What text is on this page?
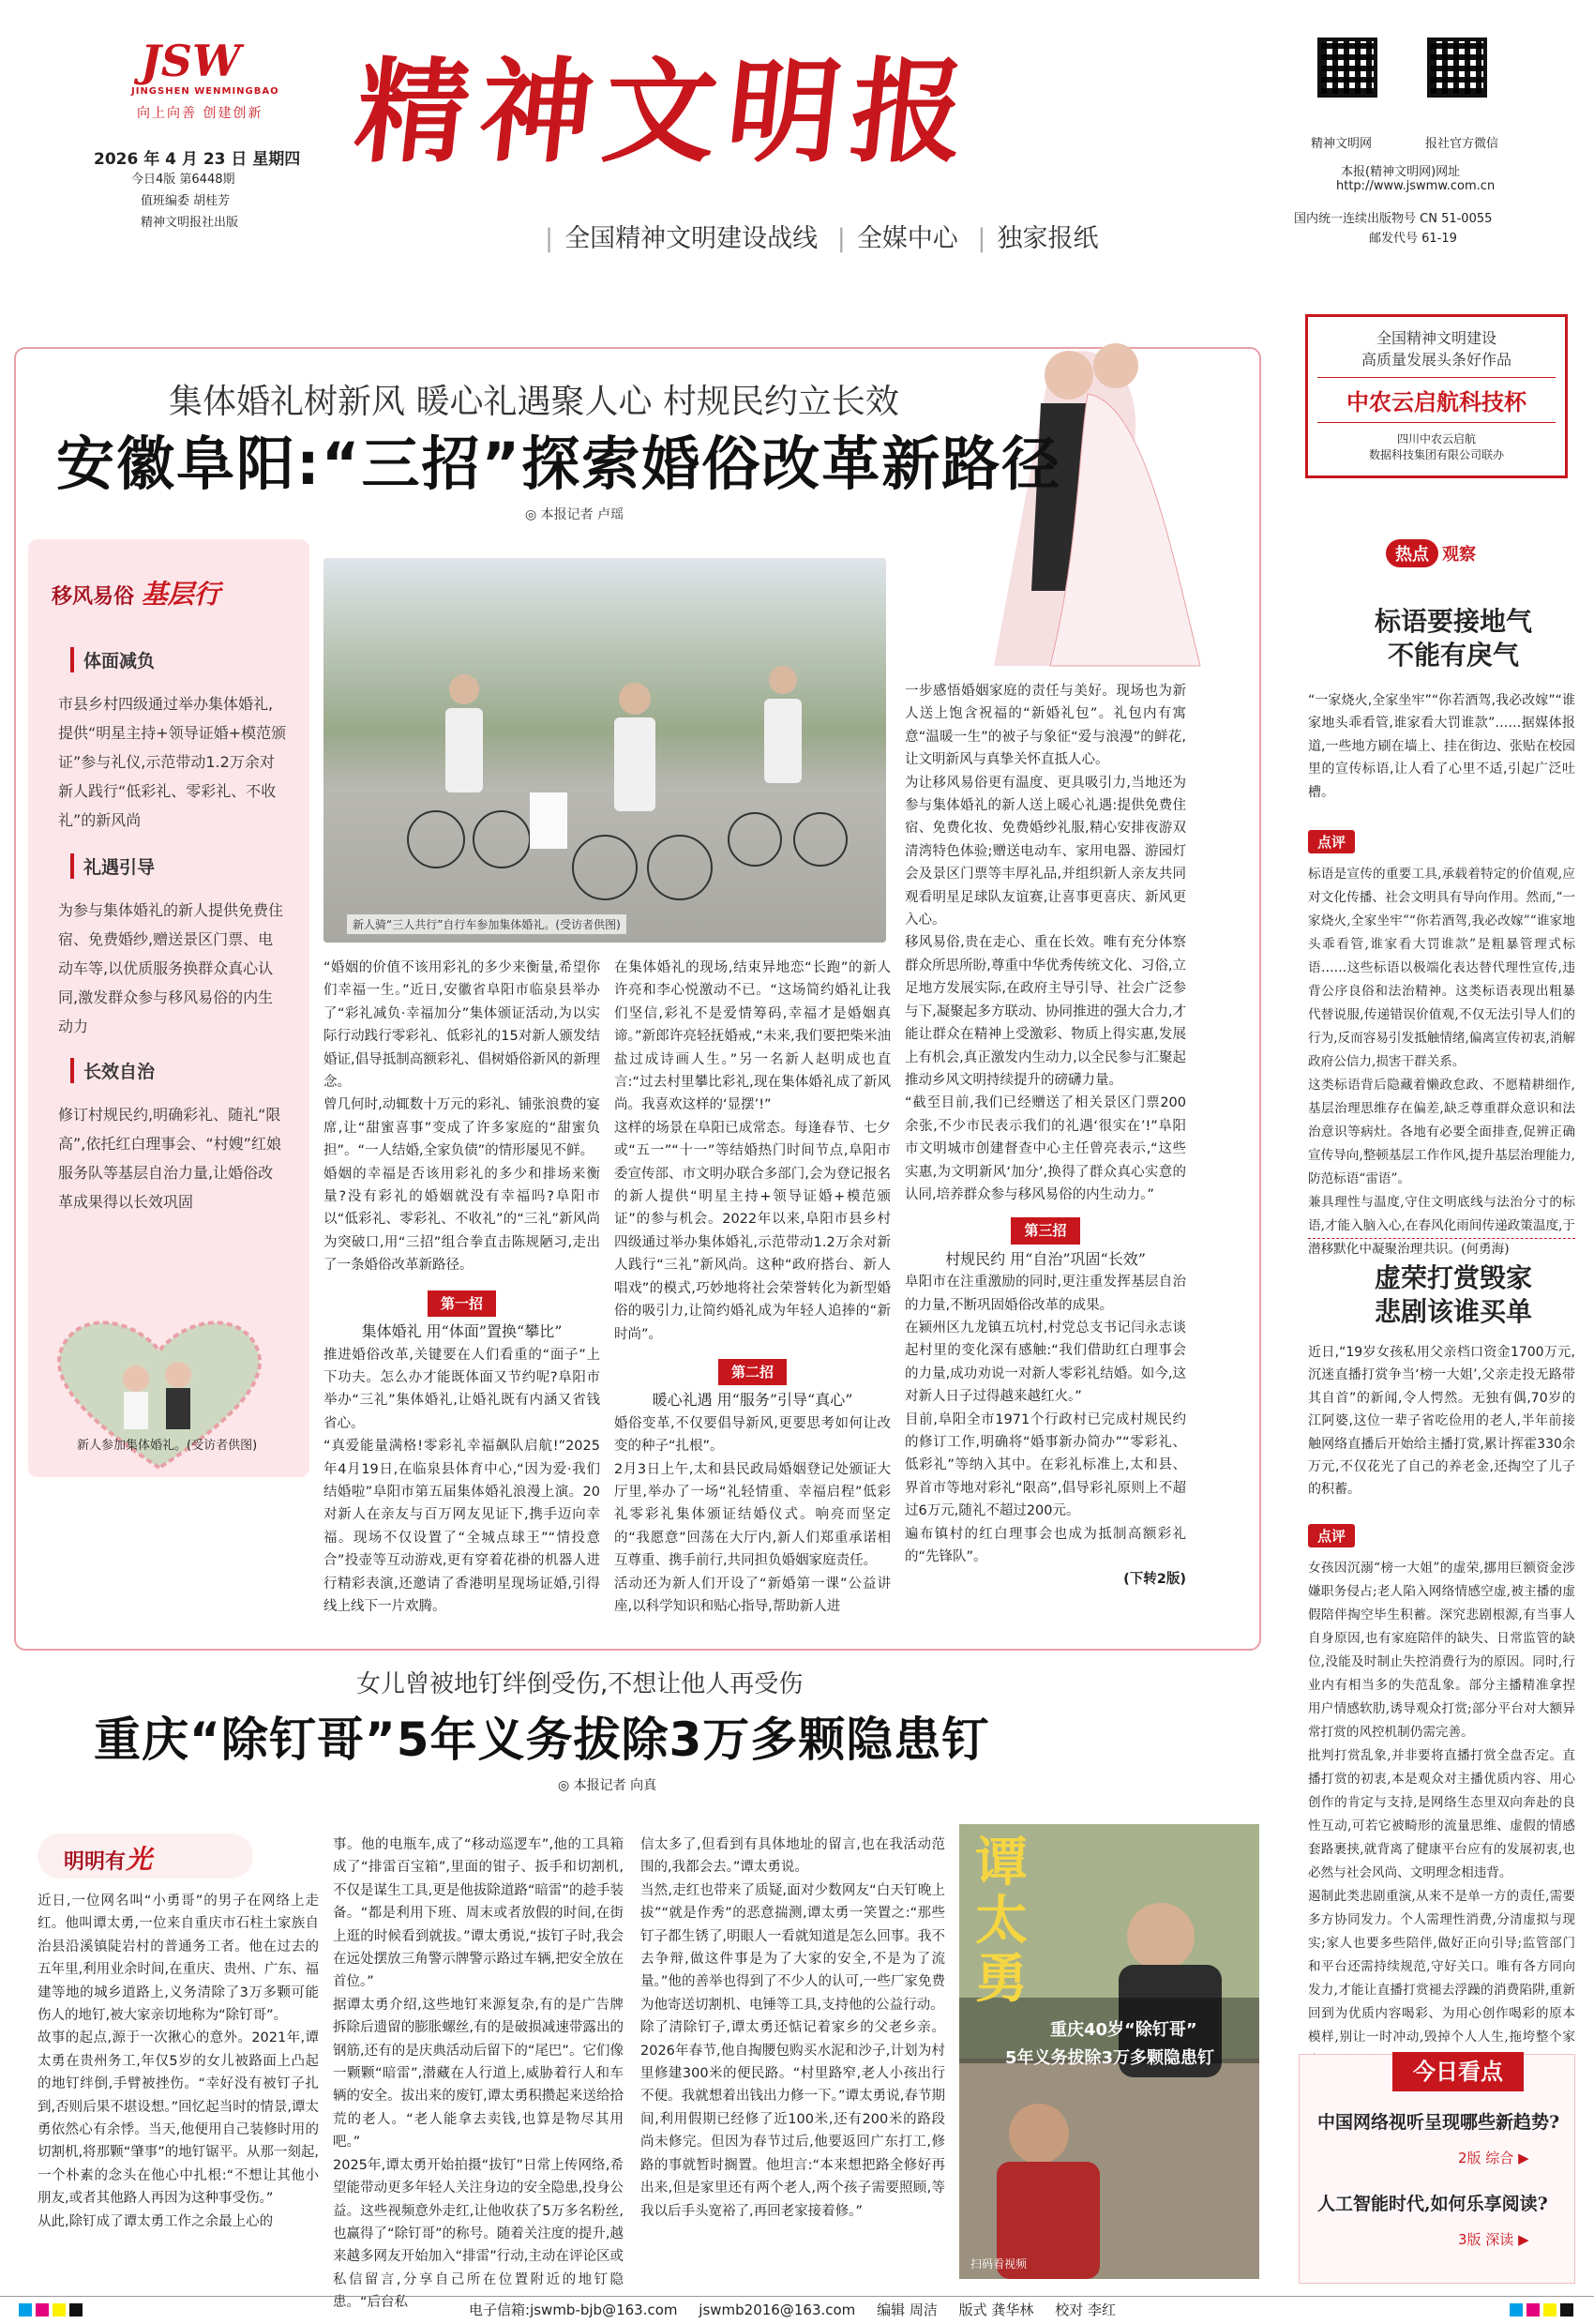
JSW
JINGSHEN WENMINGBAO
向上向善 创建创新
2026 年 4 月 23 日 星期四
今日4版 第6448期
值班编委 胡桂芳
精神文明报社出版
精神文明报
| 全国精神文明建设战线 | 全媒中心 | 独家报纸
精神文明网	报社官方微信
本报(精神文明网)网址
http://www.jswmw.com.cn
国内统一连续出版物号 CN 51-0055
邮发代号 61-19
全国精神文明建设
高质量发展头条好作品
中农云启航科技杯
四川中农云启航
数据科技集团有限公司联办
集体婚礼树新风 暖心礼遇聚人心 村规民约立长效
安徽阜阳:“三招”探索婚俗改革新路径
◎ 本报记者 卢瑶
移风易俗 基层行
体面减负
市县乡村四级通过举办集体婚礼,提供“明星主持+领导证婚+模范颁证”参与礼仪,示范带动1.2万余对新人践行“低彩礼、零彩礼、不收礼”的新风尚
礼遇引导
为参与集体婚礼的新人提供免费住宿、免费婚纱,赠送景区门票、电动车等,以优质服务换群众真心认同,激发群众参与移风易俗的内生动力
长效自治
修订村规民约,明确彩礼、随礼“限高”,依托红白理事会、“村嫂”红娘服务队等基层自治力量,让婚俗改革成果得以长效巩固
新人参加集体婚礼。(受访者供图)
新人骑“三人共行”自行车参加集体婚礼。(受访者供图)

“婚姻的价值不该用彩礼的多少来衡量,希望你们幸福一生。”近日,安徽省阜阳市临泉县举办了“彩礼减负·幸福加分”集体颁证活动,为以实际行动践行零彩礼、低彩礼的15对新人颁发结婚证,倡导抵制高额彩礼、倡树婚俗新风的新理念。

曾几何时,动辄数十万元的彩礼、铺张浪费的宴席,让“甜蜜喜事”变成了许多家庭的“甜蜜负担”。“一人结婚,全家负债”的情形屡见不鲜。

婚姻的幸福是否该用彩礼的多少和排场来衡量?没有彩礼的婚姻就没有幸福吗?阜阳市以“低彩礼、零彩礼、不收礼”的“三礼”新风尚为突破口,用“三招”组合拳直击陈规陋习,走出了一条婚俗改革新路径。

第一招
集体婚礼 用“体面”置换“攀比”

推进婚俗改革,关键要在人们看重的“面子”上下功夫。怎么办才能既体面又节约呢?阜阳市举办“三礼”集体婚礼,让婚礼既有内涵又省钱省心。

“真爱能量满格!零彩礼幸福飙队启航!”2025年4月19日,在临泉县体育中心,“因为爱·我们结婚啦”阜阳市第五届集体婚礼浪漫上演。20对新人在亲友与百万网友见证下,携手迈向幸福。现场不仅设置了“全城点球王”“情投意合”投壶等互动游戏,更有穿着花褂的机器人进行精彩表演,还邀请了香港明星现场证婚,引得线上线下一片欢腾。

在集体婚礼的现场,结束异地恋“长跑”的新人许亮和李心悦激动不已。“这场简约婚礼让我们坚信,彩礼不是爱情筹码,幸福才是婚姻真谛。”新郎许亮轻抚婚戒,“未来,我们要把柴米油盐过成诗画人生。”另一名新人赵明成也直言:“过去村里攀比彩礼,现在集体婚礼成了新风尚。我喜欢这样的‘显摆’!”

这样的场景在阜阳已成常态。每逢春节、七夕或“五一”“十一”等结婚热门时间节点,阜阳市委宣传部、市文明办联合多部门,会为登记报名的新人提供“明星主持+领导证婚+模范颁证”的参与机会。2022年以来,阜阳市县乡村四级通过举办集体婚礼,示范带动1.2万余对新人践行“三礼”新风尚。这种“政府搭台、新人唱戏”的模式,巧妙地将社会荣誉转化为新型婚俗的吸引力,让简约婚礼成为年轻人追捧的“新时尚”。

第二招
暖心礼遇 用“服务”引导“真心”

婚俗变革,不仅要倡导新风,更要思考如何让改变的种子“扎根”。

2月3日上午,太和县民政局婚姻登记处颁证大厅里,举办了一场“礼轻情重、幸福启程”低彩礼零彩礼集体颁证结婚仪式。响亮而坚定的“我愿意”回荡在大厅内,新人们郑重承诺相互尊重、携手前行,共同担负婚姻家庭责任。

活动还为新人们开设了“新婚第一课”公益讲座,以科学知识和贴心指导,帮助新人进

一步感悟婚姻家庭的责任与美好。现场也为新人送上饱含祝福的“新婚礼包”。礼包内有寓意“温暖一生”的被子与象征“爱与浪漫”的鲜花,让文明新风与真挚关怀直抵人心。

为让移风易俗更有温度、更具吸引力,当地还为参与集体婚礼的新人送上暖心礼遇:提供免费住宿、免费化妆、免费婚纱礼服,精心安排夜游双清湾特色体验;赠送电动车、家用电器、游园灯会及景区门票等丰厚礼品,并组织新人亲友共同观看明星足球队友谊赛,让喜事更喜庆、新风更入心。

移风易俗,贵在走心、重在长效。唯有充分体察群众所思所盼,尊重中华优秀传统文化、习俗,立足地方发展实际,在政府主导引导、社会广泛参与下,凝聚起多方联动、协同推进的强大合力,才能让群众在精神上受激彩、物质上得实惠,发展上有机会,真正激发内生动力,以全民参与汇聚起推动乡风文明持续提升的磅礴力量。

“截至目前,我们已经赠送了相关景区门票200余张,不少市民表示我们的礼遇‘很实在’!”阜阳市文明城市创建督查中心主任曾亮表示,“这些实惠,为文明新风‘加分’,换得了群众真心实意的认同,培养群众参与移风易俗的内生动力。”

第三招
村规民约 用“自治”巩固“长效”

阜阳市在注重激励的同时,更注重发挥基层自治的力量,不断巩固婚俗改革的成果。

在颍州区九龙镇五坑村,村党总支书记闫永志谈起村里的变化深有感触:“我们借助红白理事会的力量,成功劝说一对新人零彩礼结婚。如今,这对新人日子过得越来越红火。”

目前,阜阳全市1971个行政村已完成村规民约的修订工作,明确将“婚事新办简办”“零彩礼、低彩礼”等纳入其中。在彩礼标准上,太和县、界首市等地对彩礼“限高”,倡导彩礼原则上不超过6万元,随礼不超过200元。

遍布镇村的红白理事会也成为抵制高额彩礼的“先锋队”。

(下转2版)

女儿曾被地钉绊倒受伤,不想让他人再受伤
重庆“除钉哥”5年义务拔除3万多颗隐患钉
◎ 本报记者 向真
明明有光
近日,一位网名叫“小勇哥”的男子在网络上走红。他叫谭太勇,一位来自重庆市石柱土家族自治县沿溪镇陡岩村的普通务工者。他在过去的五年里,利用业余时间,在重庆、贵州、广东、福建等地的城乡道路上,义务清除了3万多颗可能伤人的地钉,被大家亲切地称为“除钉哥”。
故事的起点,源于一次揪心的意外。2021年,谭太勇在贵州务工,年仅5岁的女儿被路面上凸起的地钉绊倒,手臂被挫伤。“幸好没有被钉子扎到,否则后果不堪设想。”回忆起当时的情景,谭太勇依然心有余悸。当天,他便用自己装修时用的切割机,将那颗“肇事”的地钉锯平。从那一刻起,一个朴素的念头在他心中扎根:“不想让其他小朋友,或者其他路人再因为这种事受伤。”
从此,除钉成了谭太勇工作之余最上心的
事。他的电瓶车,成了“移动巡逻车”,他的工具箱成了“排雷百宝箱”,里面的钳子、扳手和切割机,不仅是谋生工具,更是他拔除道路“暗雷”的趁手装备。“都是利用下班、周末或者放假的时间,在街上逛的时候看到就拔。”谭太勇说,“拔钉子时,我会在远处摆放三角警示牌警示路过车辆,把安全放在首位。”
据谭太勇介绍,这些地钉来源复杂,有的是广告牌拆除后遗留的膨胀螺丝,有的是破损减速带露出的钢筋,还有的是庆典活动后留下的“尾巴”。它们像一颗颗“暗雷”,潜藏在人行道上,威胁着行人和车辆的安全。拔出来的废钉,谭太勇积攒起来送给拾荒的老人。“老人能拿去卖钱,也算是物尽其用吧。”
2025年,谭太勇开始拍摄“拔钉”日常上传网络,希望能带动更多年轻人关注身边的安全隐患,投身公益。这些视频意外走红,让他收获了5万多名粉丝,也赢得了“除钉哥”的称号。随着关注度的提升,越来越多网友开始加入“排雷”行动,主动在评论区或私信留言,分享自己所在位置附近的地钉隐患。“后台私
信太多了,但看到有具体地址的留言,也在我活动范围的,我都会去。”谭太勇说。
当然,走红也带来了质疑,面对少数网友“白天钉晚上拔”“就是作秀”的恶意揣测,谭太勇一笑置之:“那些钉子都生锈了,明眼人一看就知道是怎么回事。我不去争辩,做这件事是为了大家的安全,不是为了流量。”他的善举也得到了不少人的认可,一些厂家免费为他寄送切割机、电锤等工具,支持他的公益行动。
除了清除钉子,谭太勇还惦记着家乡的父老乡亲。2026年春节,他自掏腰包购买水泥和沙子,计划为村里修建300米的便民路。“村里路窄,老人小孩出行不便。我就想着出钱出力修一下。”谭太勇说,春节期间,利用假期已经修了近100米,还有200米的路段尚未修完。但因为春节过后,他要返回广东打工,修路的事就暂时搁置。他坦言:“本来想把路全修好再出来,但是家里还有两个老人,两个孩子需要照顾,等我以后手头宽裕了,再回老家接着修。”
谭太勇
重庆40岁“除钉哥”
5年义务拔除3万多颗隐患钉
扫码看视频
热点 观察
标语要接地气
不能有戾气
“一家烧火,全家坐牢”“你若酒驾,我必改嫁”“谁家地头乖看管,谁家看大罚谁款”……据媒体报道,一些地方刷在墙上、挂在街边、张贴在校园里的宣传标语,让人看了心里不适,引起广泛吐槽。
点评
标语是宣传的重要工具,承载着特定的价值观,应对文化传播、社会文明具有导向作用。然而,“一家烧火,全家坐牢”“你若酒驾,我必改嫁”“谁家地头乖看管,谁家看大罚谁款”是粗暴管理式标语……这些标语以极端化表达替代理性宣传,违背公序良俗和法治精神。这类标语表现出粗暴代替说服,传递错误价值观,不仅无法引导人们的行为,反而容易引发抵触情绪,偏离宣传初衷,消解政府公信力,损害干群关系。
这类标语背后隐藏着懒政怠政、不愿精耕细作,基层治理思维存在偏差,缺乏尊重群众意识和法治意识等病灶。各地有必要全面排查,促辨正确宣传导向,整顿基层工作作风,提升基层治理能力,防范标语“雷语”。
兼具理性与温度,守住文明底线与法治分寸的标语,才能入脑入心,在春风化雨间传递政策温度,于潜移默化中凝聚治理共识。(何勇海)
虚荣打赏毁家
悲剧该谁买单
近日,“19岁女孩私用父亲档口资金1700万元,沉迷直播打赏争当‘榜一大姐’,父亲走投无路带其自首”的新闻,令人愕然。无独有偶,70岁的江阿婆,这位一辈子省吃俭用的老人,半年前接触网络直播后开始给主播打赏,累计挥霍330余万元,不仅花光了自己的养老金,还掏空了儿子的积蓄。
点评
女孩因沉溺“榜一大姐”的虚荣,挪用巨额资金涉嫌职务侵占;老人陷入网络情感空虚,被主播的虚假陪伴掏空毕生积蓄。深究悲剧根源,有当事人自身原因,也有家庭陪伴的缺失、日常监管的缺位,没能及时制止失控消费行为的原因。同时,行业内有相当多的失范乱象。部分主播精准拿捏用户情感软肋,诱导观众打赏;部分平台对大额异常打赏的风控机制仍需完善。
批判打赏乱象,并非要将直播打赏全盘否定。直播打赏的初衷,本是观众对主播优质内容、用心创作的肯定与支持,是网络生态里双向奔赴的良性互动,可若它被畸形的流量思维、虚假的情感套路裹挟,就背离了健康平台应有的发展初衷,也必然与社会风尚、文明理念相违背。
遏制此类悲剧重演,从来不是单一方的责任,需要多方协同发力。个人需理性消费,分清虚拟与现实;家人也要多些陪伴,做好正向引导;监管部门和平台还需持续规范,守好关口。唯有各方同向发力,才能让直播打赏褪去浮躁的消费陷阱,重新回到为优质内容喝彩、为用心创作喝彩的原本模样,别让一时冲动,毁掉个人人生,拖垮整个家
今日看点
中国网络视听呈现哪些新趋势?
2版 综合 ▶
人工智能时代,如何乐享阅读?
3版 深读 ▶
电子信箱:jswmb-bjb@163.com jswmb2016@163.com 编辑 周洁 版式 龚华林 校对 李红
